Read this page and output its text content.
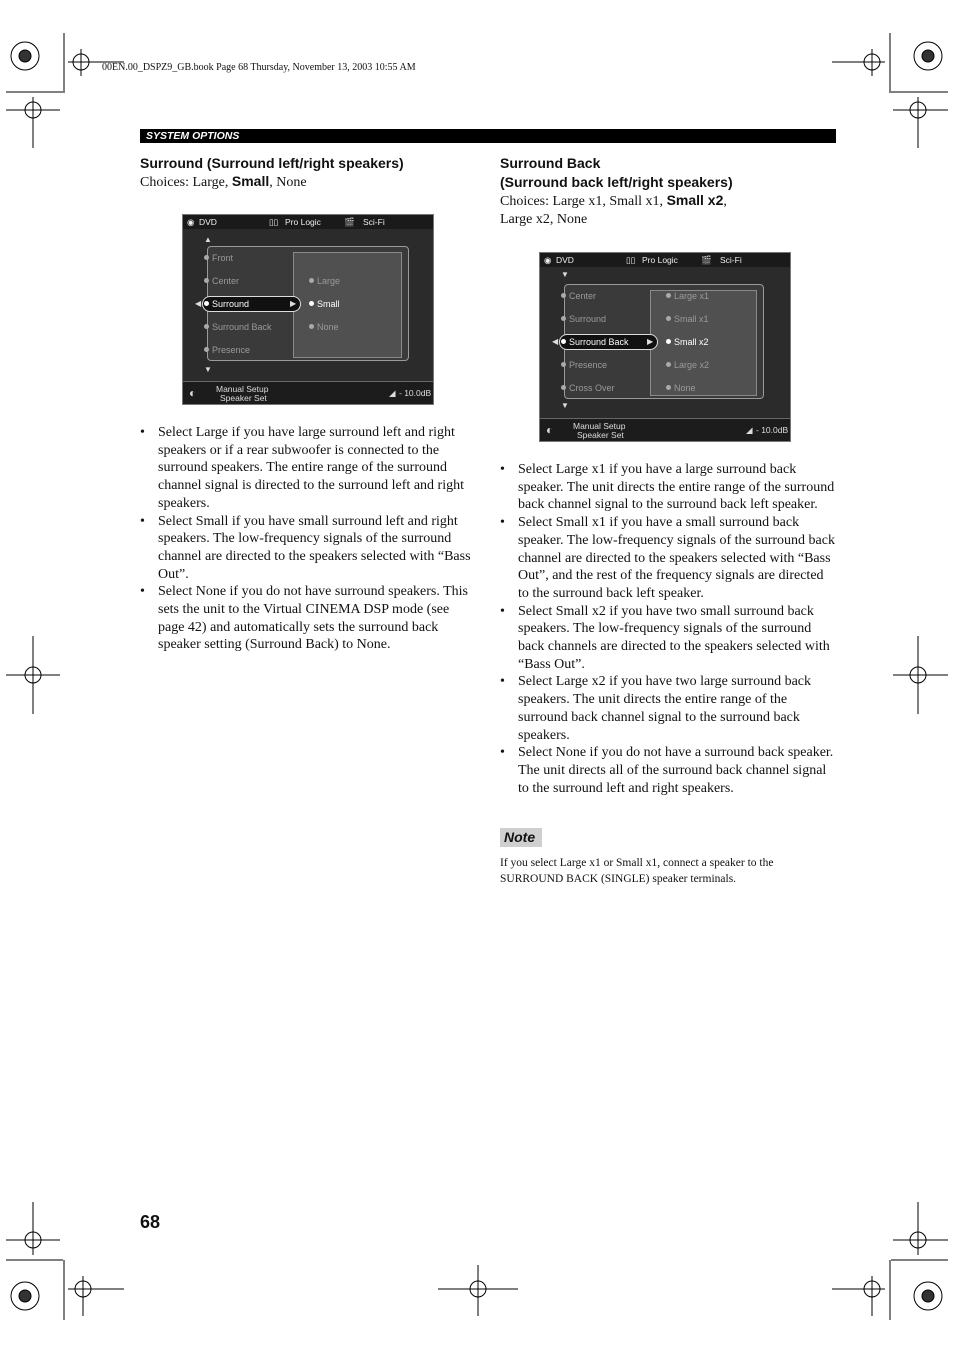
00EN.00_DSPZ9_GB.book Page 68 Thursday, November 13, 2003 10:55 AM
SYSTEM OPTIONS

Surround (Surround left/right speakers)

Choices: Large, Small, None

◉ DVD	▯▯ Pro Logic	🎬 Sci-Fi
▲
Front
Center
◀	Surround	▶
Surround Back
Presence
Large
Small
None
▼
◐ Manual Setup
Speaker Set	◢ - 10.0dB
• Select Large if you have large surround left and right speakers or if a rear subwoofer is connected to the surround speakers. The entire range of the surround channel signal is directed to the surround left and right speakers.
• Select Small if you have small surround left and right speakers. The low-frequency signals of the surround channel are directed to the speakers selected with “Bass Out”.
• Select None if you do not have surround speakers. This sets the unit to the Virtual CINEMA DSP mode (see page 42) and automatically sets the surround back speaker setting (Surround Back) to None.

Surround Back

(Surround back left/right speakers)

Choices: Large x1, Small x1, Small x2,

Large x2, None

◉ DVD	▯▯ Pro Logic	🎬 Sci-Fi
▼
Center
Surround
◀	Surround Back ▶
Presence
Cross Over
Large x1
Small x1
Small x2
Large x2
None
▼
◐ Manual Setup
Speaker Set	◢ - 10.0dB
• Select Large x1 if you have a large surround back speaker. The unit directs the entire range of the surround back channel signal to the surround back left speaker.
• Select Small x1 if you have a small surround back speaker. The low-frequency signals of the surround back channel are directed to the speakers selected with “Bass Out”, and the rest of the frequency signals are directed to the surround back left speaker.
• Select Small x2 if you have two small surround back speakers. The low-frequency signals of the surround back channels are directed to the speakers selected with “Bass Out”.
• Select Large x2 if you have two large surround back speakers. The unit directs the entire range of the surround back channel signal to the surround back speakers.
• Select None if you do not have a surround back speaker. The unit directs all of the surround back channel signal to the surround left and right speakers.
Note
If you select Large x1 or Small x1, connect a speaker to the SURROUND BACK (SINGLE) speaker terminals.
68
